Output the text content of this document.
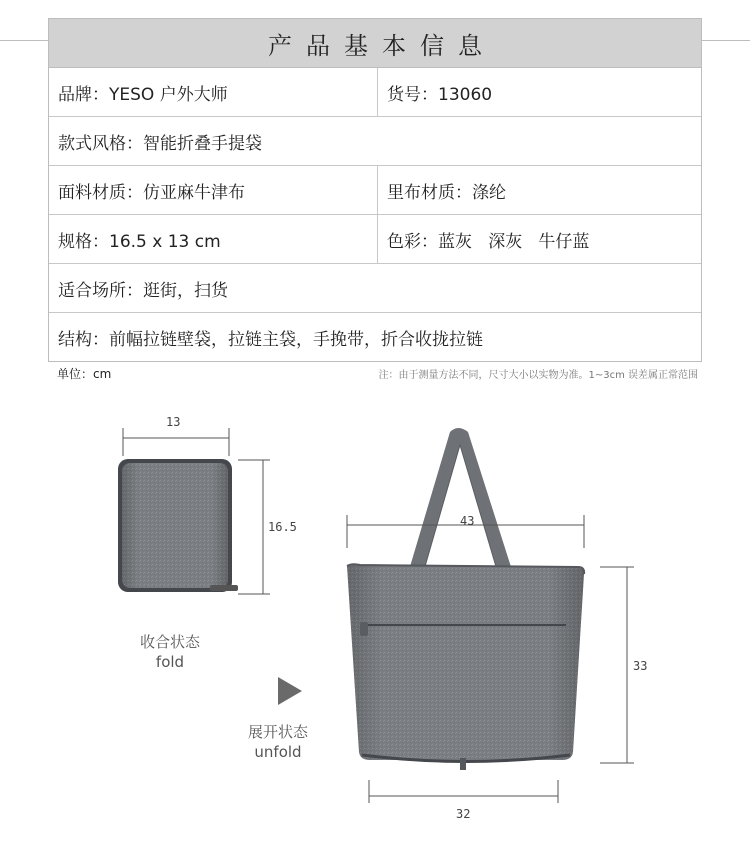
产品基本信息
品牌：YESO 户外大师	货号：13060
款式风格：智能折叠手提袋
面料材质：仿亚麻牛津布	里布材质：涤纶
规格：16.5 x 13 cm	色彩：蓝灰   深灰   牛仔蓝
适合场所：逛街，扫货
结构：前幅拉链壁袋，拉链主袋，手挽带，折合收拢拉链
单位：cm	注：由于测量方法不同，尺寸大小以实物为准。1~3cm 误差属正常范围
13
16.5	43
33
32
收合状态
fold
展开状态
unfold
